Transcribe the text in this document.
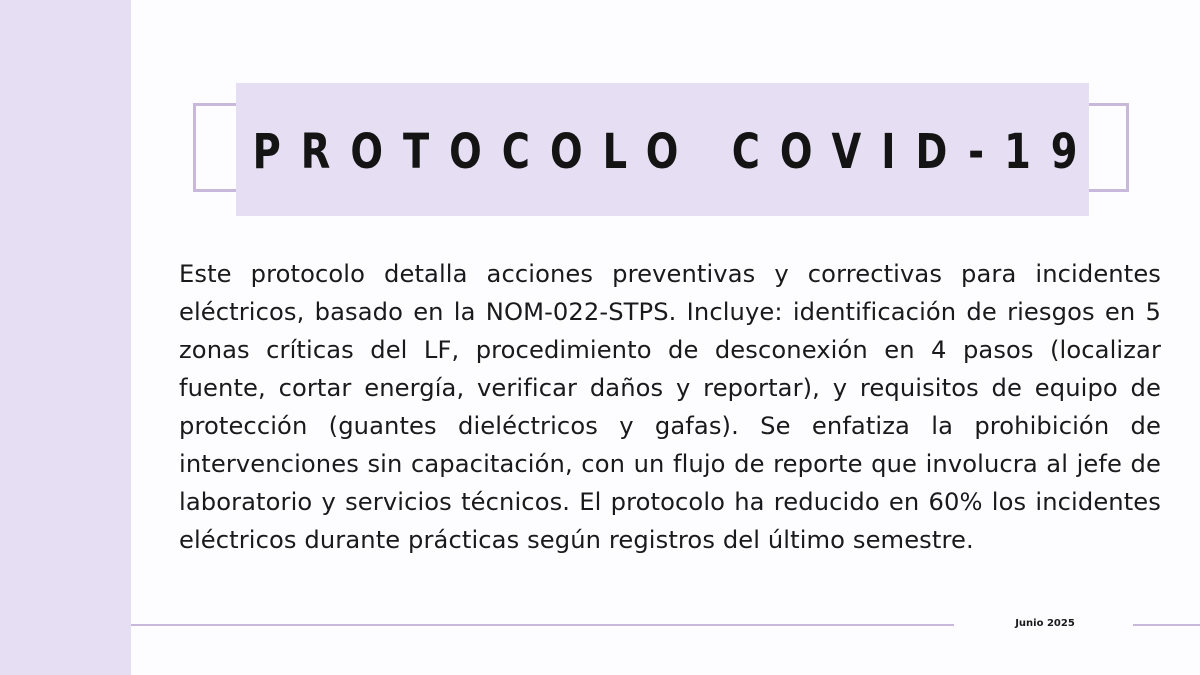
PROTOCOLO COVID-19

Este protocolo detalla acciones preventivas y correctivas para incidentes eléctricos, basado en la NOM-022-STPS. Incluye: identificación de riesgos en 5 zonas críticas del LF, procedimiento de desconexión en 4 pasos (localizar fuente, cortar energía, verificar daños y reportar), y requisitos de equipo de protección (guantes dieléctricos y gafas). Se enfatiza la prohibición de intervenciones sin capacitación, con un flujo de reporte que involucra al jefe de laboratorio y servicios técnicos. El protocolo ha reducido en 60% los incidentes eléctricos durante prácticas según registros del último semestre.

Junio 2025
